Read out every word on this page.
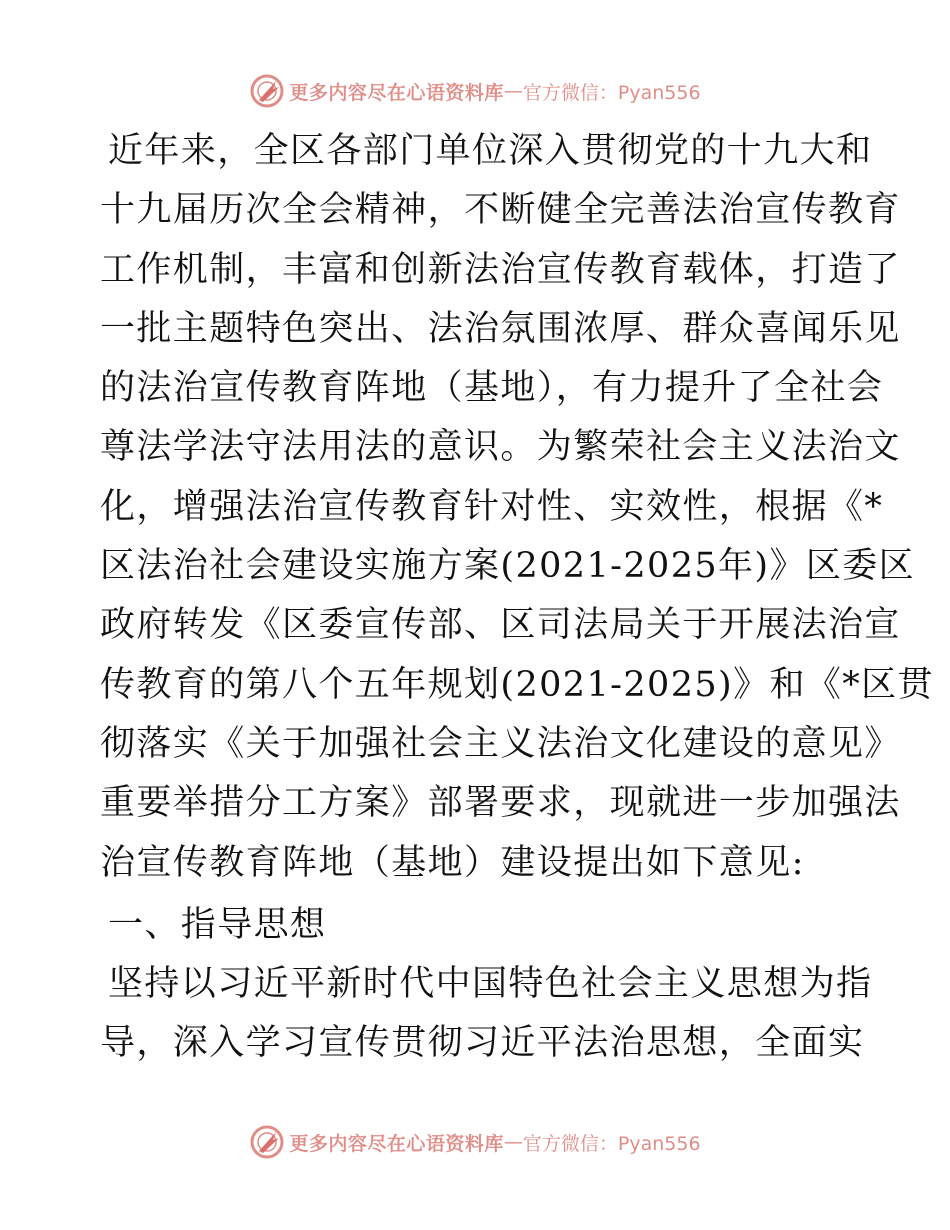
更多内容尽在心语资料库 — 官方微信：Pyan556
近年来，全区各部门单位深入贯彻党的十九大和
十九届历次全会精神，不断健全完善法治宣传教育
工作机制，丰富和创新法治宣传教育载体，打造了
一批主题特色突出、法治氛围浓厚、群众喜闻乐见
的法治宣传教育阵地（基地），有力提升了全社会
尊法学法守法用法的意识。为繁荣社会主义法治文
化，增强法治宣传教育针对性、实效性，根据《*
区法治社会建设实施方案(2021-2025年)》区委区
政府转发《区委宣传部、区司法局关于开展法治宣
传教育的第八个五年规划(2021-2025)》和《*区贯
彻落实《关于加强社会主义法治文化建设的意见》
重要举措分工方案》部署要求，现就进一步加强法
治宣传教育阵地（基地）建设提出如下意见:
一、指导思想
坚持以习近平新时代中国特色社会主义思想为指
导，深入学习宣传贯彻习近平法治思想，全面实
更多内容尽在心语资料库 — 官方微信：Pyan556
